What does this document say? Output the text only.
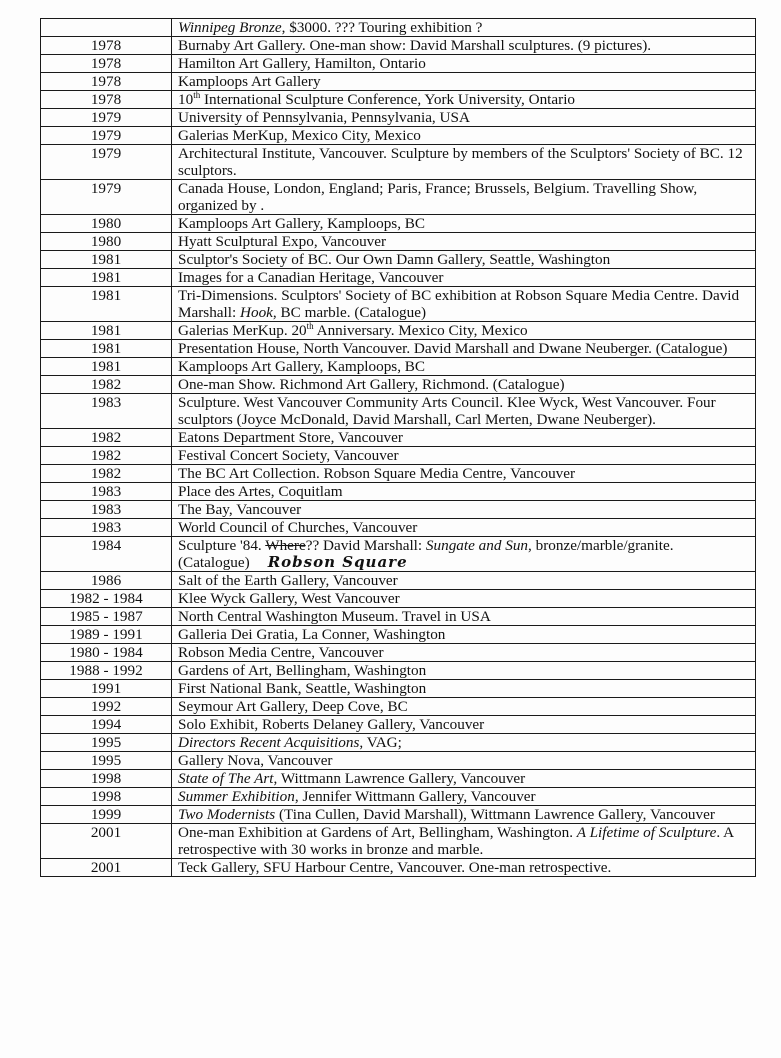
	Winnipeg Bronze, $3000. ??? Touring exhibition ?
1978	Burnaby Art Gallery. One-man show: David Marshall sculptures. (9 pictures).
1978	Hamilton Art Gallery, Hamilton, Ontario
1978	Kamploops Art Gallery
1978	10th International Sculpture Conference, York University, Ontario
1979	University of Pennsylvania, Pennsylvania, USA
1979	Galerias MerKup, Mexico City, Mexico
1979	Architectural Institute, Vancouver. Sculpture by members of the Sculptors' Society of BC. 12 sculptors.
1979	Canada House, London, England; Paris, France; Brussels, Belgium. Travelling Show, organized by .
1980	Kamploops Art Gallery, Kamploops, BC
1980	Hyatt Sculptural Expo, Vancouver
1981	Sculptor's Society of BC. Our Own Damn Gallery, Seattle, Washington
1981	Images for a Canadian Heritage, Vancouver
1981	Tri-Dimensions. Sculptors' Society of BC exhibition at Robson Square Media Centre. David Marshall: Hook, BC marble. (Catalogue)
1981	Galerias MerKup. 20th Anniversary. Mexico City, Mexico
1981	Presentation House, North Vancouver. David Marshall and Dwane Neuberger. (Catalogue)
1981	Kamploops Art Gallery, Kamploops, BC
1982	One-man Show. Richmond Art Gallery, Richmond. (Catalogue)
1983	Sculpture. West Vancouver Community Arts Council. Klee Wyck, West Vancouver. Four sculptors (Joyce McDonald, David Marshall, Carl Merten, Dwane Neuberger).
1982	Eatons Department Store, Vancouver
1982	Festival Concert Society, Vancouver
1982	The BC Art Collection. Robson Square Media Centre, Vancouver
1983	Place des Artes, Coquitlam
1983	The Bay, Vancouver
1983	World Council of Churches, Vancouver
1984	Sculpture '84. Where?? David Marshall: Sungate and Sun, bronze/marble/granite. (Catalogue) Robson Square
1986	Salt of the Earth Gallery, Vancouver
1982 - 1984	Klee Wyck Gallery, West Vancouver
1985 - 1987	North Central Washington Museum. Travel in USA
1989 - 1991	Galleria Dei Gratia, La Conner, Washington
1980 - 1984	Robson Media Centre, Vancouver
1988 - 1992	Gardens of Art, Bellingham, Washington
1991	First National Bank, Seattle, Washington
1992	Seymour Art Gallery, Deep Cove, BC
1994	Solo Exhibit, Roberts Delaney Gallery, Vancouver
1995	Directors Recent Acquisitions, VAG;
1995	Gallery Nova, Vancouver
1998	State of The Art, Wittmann Lawrence Gallery, Vancouver
1998	Summer Exhibition, Jennifer Wittmann Gallery, Vancouver
1999	Two Modernists (Tina Cullen, David Marshall), Wittmann Lawrence Gallery, Vancouver
2001	One-man Exhibition at Gardens of Art, Bellingham, Washington. A Lifetime of Sculpture. A retrospective with 30 works in bronze and marble.
2001	Teck Gallery, SFU Harbour Centre, Vancouver. One-man retrospective.
